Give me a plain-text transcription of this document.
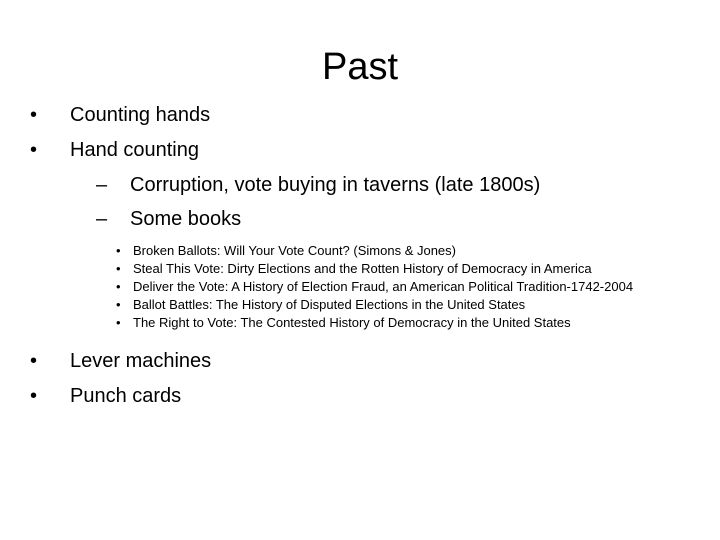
Past
• Counting hands
• Hand counting
– Corruption, vote buying in taverns (late 1800s)
– Some books
• Broken Ballots: Will Your Vote Count? (Simons & Jones)
• Steal This Vote: Dirty Elections and the Rotten History of Democracy in America
• Deliver the Vote: A History of Election Fraud, an American Political Tradition-1742-2004
• Ballot Battles: The History of Disputed Elections in the United States
• The Right to Vote: The Contested History of Democracy in the United States
• Lever machines
• Punch cards
